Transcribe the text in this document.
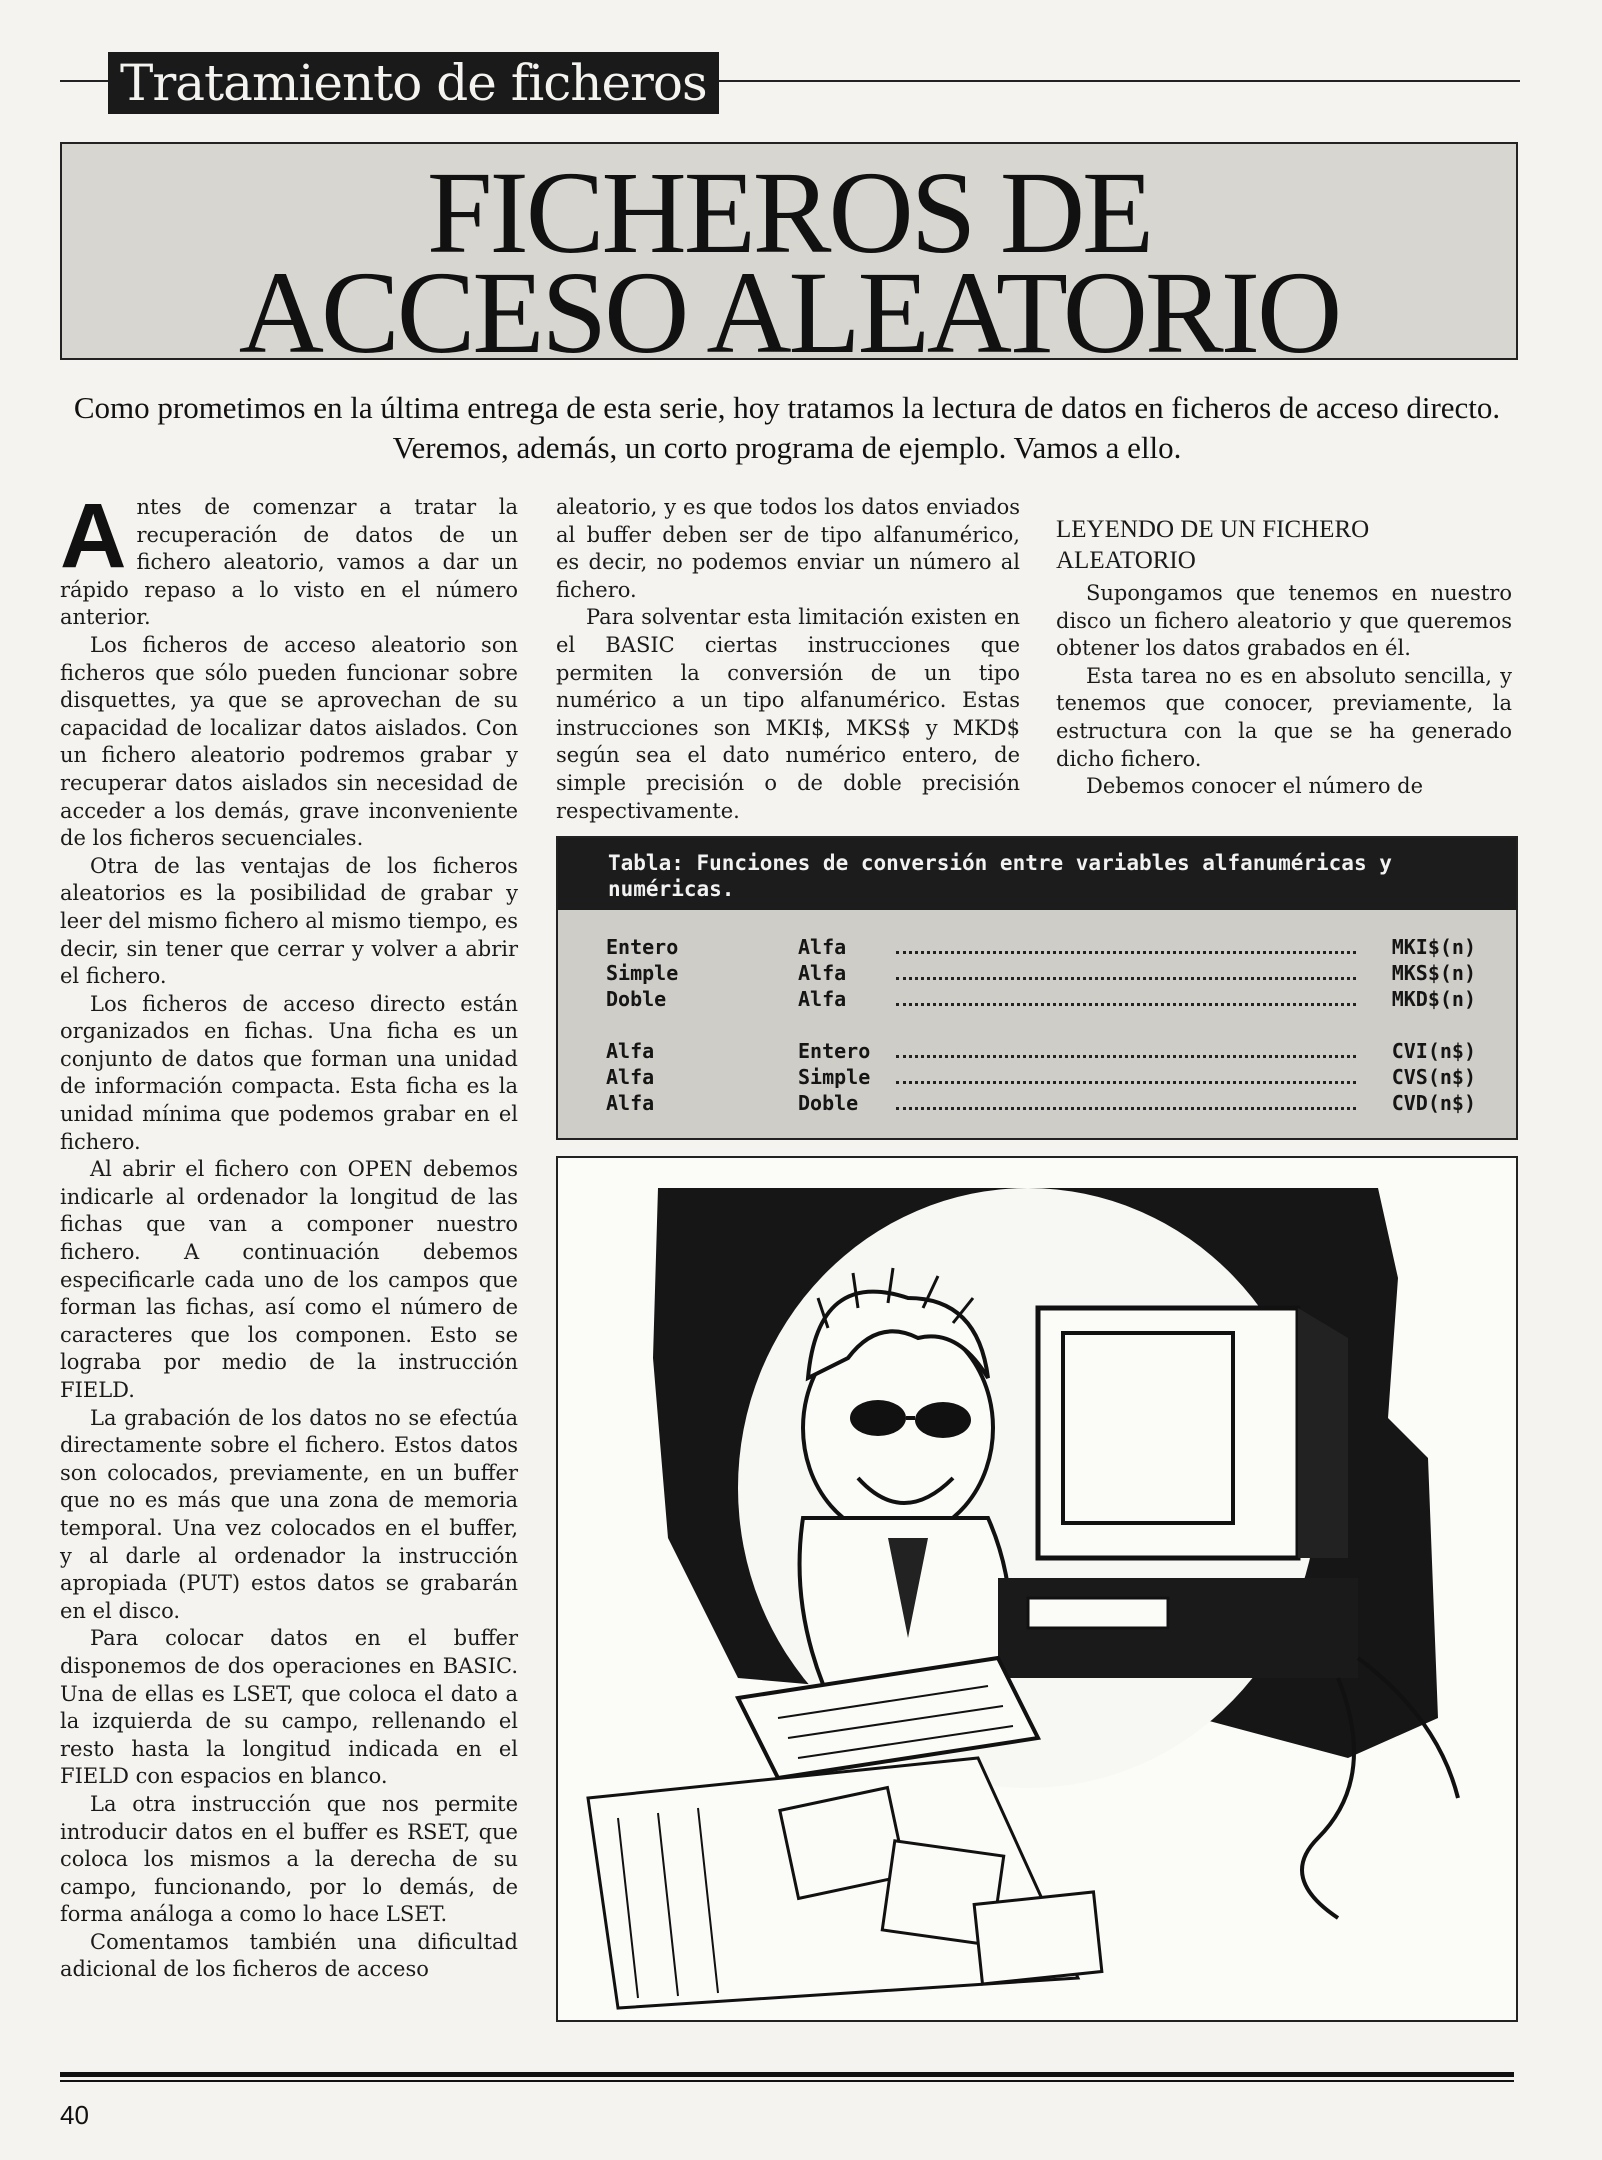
Tratamiento de ficheros
FICHEROS DE
ACCESO ALEATORIO
Como prometimos en la última entrega de esta serie, hoy tratamos la lectura de datos en ficheros de acceso directo.
Veremos, además, un corto programa de ejemplo. Vamos a ello.

Antes de comenzar a tratar la recuperación de datos de un fichero aleatorio, vamos a dar un rápido repaso a lo visto en el número anterior.

Los ficheros de acceso aleatorio son ficheros que sólo pueden funcionar sobre disquettes, ya que se aprovechan de su capacidad de localizar datos aislados. Con un fichero aleatorio podremos grabar y recuperar datos aislados sin necesidad de acceder a los demás, grave inconveniente de los ficheros secuenciales.

Otra de las ventajas de los ficheros aleatorios es la posibilidad de grabar y leer del mismo fichero al mismo tiempo, es decir, sin tener que cerrar y volver a abrir el fichero.

Los ficheros de acceso directo están organizados en fichas. Una ficha es un conjunto de datos que forman una unidad de información compacta. Esta ficha es la unidad mínima que podemos grabar en el fichero.

Al abrir el fichero con OPEN debemos indicarle al ordenador la longitud de las fichas que van a componer nuestro fichero. A continuación debemos especificarle cada uno de los campos que forman las fichas, así como el número de caracteres que los componen. Esto se lograba por medio de la instrucción FIELD.

La grabación de los datos no se efectúa directamente sobre el fichero. Estos datos son colocados, previamente, en un buffer que no es más que una zona de memoria temporal. Una vez colocados en el buffer, y al darle al ordenador la instrucción apropiada (PUT) estos datos se grabarán en el disco.

Para colocar datos en el buffer disponemos de dos operaciones en BASIC. Una de ellas es LSET, que coloca el dato a la izquierda de su campo, rellenando el resto hasta la longitud indicada en el FIELD con espacios en blanco.

La otra instrucción que nos permite introducir datos en el buffer es RSET, que coloca los mismos a la derecha de su campo, funcionando, por lo demás, de forma análoga a como lo hace LSET.

Comentamos también una dificultad adicional de los ficheros de acceso

aleatorio, y es que todos los datos enviados al buffer deben ser de tipo alfanumérico, es decir, no podemos enviar un número al fichero.

Para solventar esta limitación existen en el BASIC ciertas instrucciones que permiten la conversión de un tipo numérico a un tipo alfanumérico. Estas instrucciones son MKI$, MKS$ y MKD$ según sea el dato numérico entero, de simple precisión o de doble precisión respectivamente.

LEYENDO DE UN FICHERO ALEATORIO

Supongamos que tenemos en nuestro disco un fichero aleatorio y que queremos obtener los datos grabados en él.

Esta tarea no es en absoluto sencilla, y tenemos que conocer, previamente, la estructura con la que se ha generado dicho fichero.

Debemos conocer el número de

Tabla: Funciones de conversión entre variables alfanuméricas y numéricas.
Entero	Alfa	MKI$(n)
Simple	Alfa	MKS$(n)
Doble	Alfa	MKD$(n)
Alfa	Entero	CVI(n$)
Alfa	Simple	CVS(n$)
Alfa	Doble	CVD(n$)
40
